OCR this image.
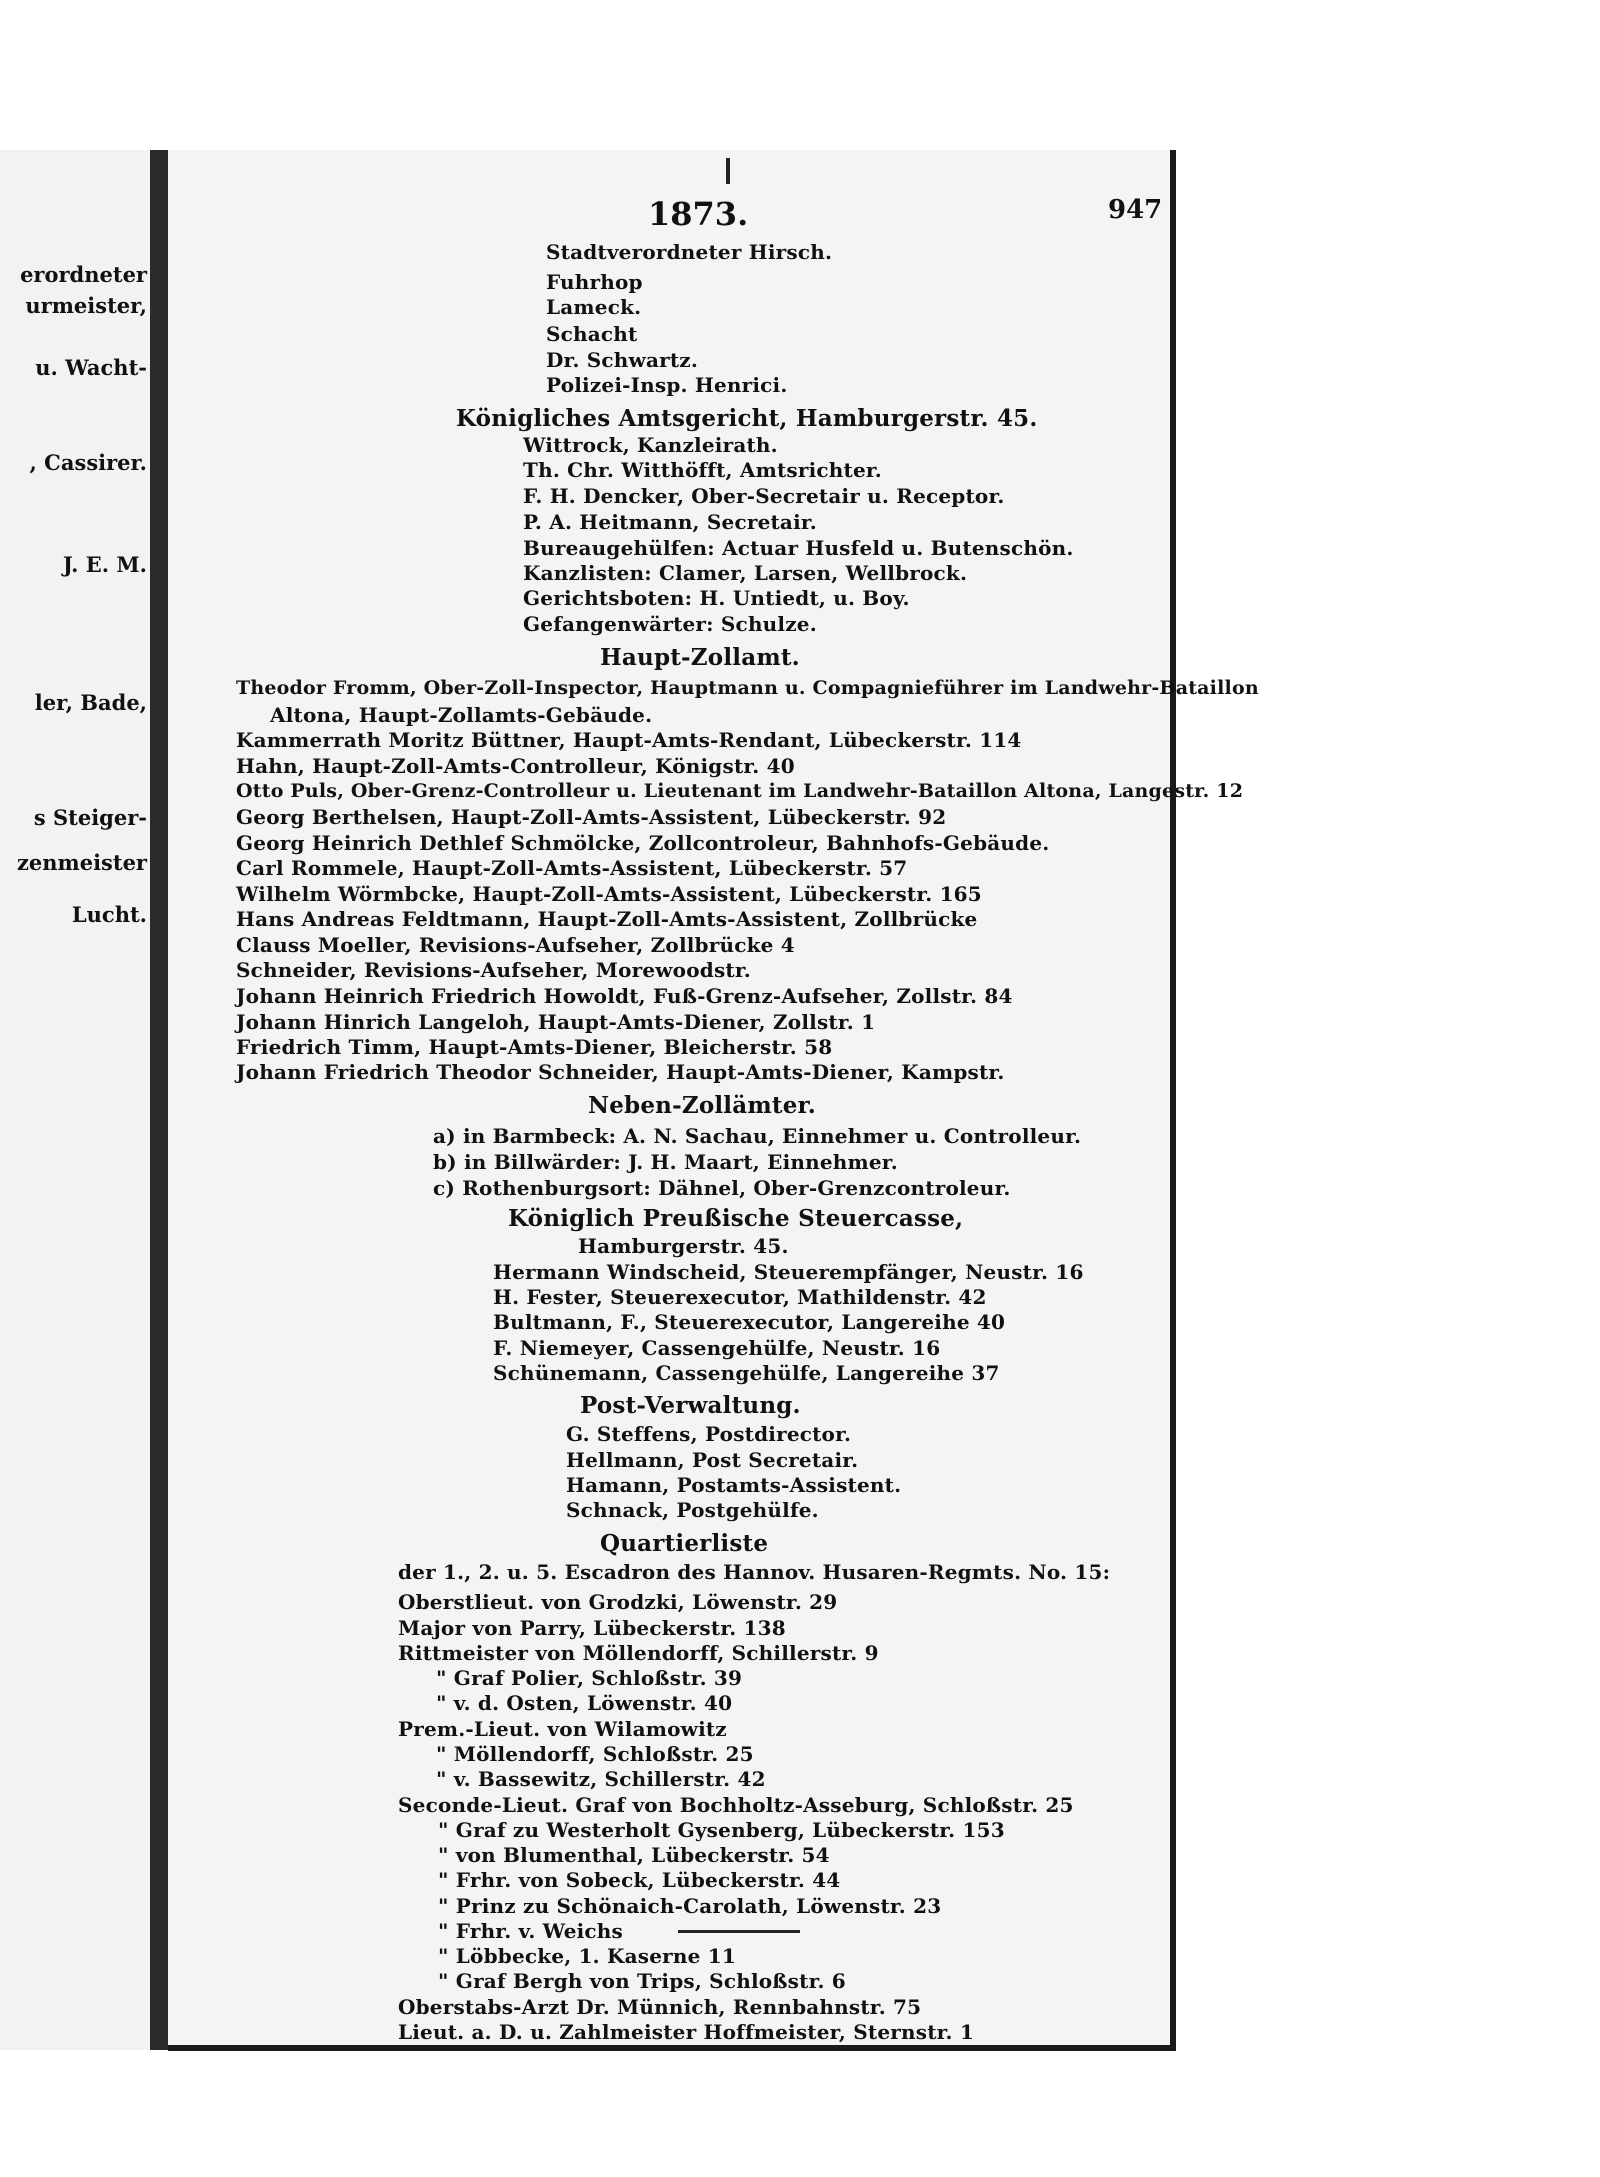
erordneter
urmeister,
u. Wacht-
, Cassirer.
J. E. M.
ler, Bade,
s Steiger-
zenmeister
Lucht.
1873.	947
Stadtverordneter Hirsch.
Fuhrhop
Lameck.
Schacht
Dr. Schwartz.
Polizei-Insp. Henrici.
Königliches Amtsgericht, Hamburgerstr. 45.
Wittrock, Kanzleirath.
Th. Chr. Witthöfft, Amtsrichter.
F. H. Dencker, Ober-Secretair u. Receptor.
P. A. Heitmann, Secretair.
Bureaugehülfen: Actuar Husfeld u. Butenschön.
Kanzlisten: Clamer, Larsen, Wellbrock.
Gerichtsboten: H. Untiedt, u. Boy.
Gefangenwärter: Schulze.
Haupt-Zollamt.
Theodor Fromm, Ober-Zoll-Inspector, Hauptmann u. Compagnieführer im Landwehr-Bataillon
Altona, Haupt-Zollamts-Gebäude.
Kammerrath Moritz Büttner, Haupt-Amts-Rendant, Lübeckerstr. 114
Hahn, Haupt-Zoll-Amts-Controlleur, Königstr. 40
Otto Puls, Ober-Grenz-Controlleur u. Lieutenant im Landwehr-Bataillon Altona, Langestr. 12
Georg Berthelsen, Haupt-Zoll-Amts-Assistent, Lübeckerstr. 92
Georg Heinrich Dethlef Schmölcke, Zollcontroleur, Bahnhofs-Gebäude.
Carl Rommele, Haupt-Zoll-Amts-Assistent, Lübeckerstr. 57
Wilhelm Wörmbcke, Haupt-Zoll-Amts-Assistent, Lübeckerstr. 165
Hans Andreas Feldtmann, Haupt-Zoll-Amts-Assistent, Zollbrücke
Clauss Moeller, Revisions-Aufseher, Zollbrücke 4
Schneider, Revisions-Aufseher, Morewoodstr.
Johann Heinrich Friedrich Howoldt, Fuß-Grenz-Aufseher, Zollstr. 84
Johann Hinrich Langeloh, Haupt-Amts-Diener, Zollstr. 1
Friedrich Timm, Haupt-Amts-Diener, Bleicherstr. 58
Johann Friedrich Theodor Schneider, Haupt-Amts-Diener, Kampstr.
Neben-Zollämter.
a) in Barmbeck: A. N. Sachau, Einnehmer u. Controlleur.
b) in Billwärder: J. H. Maart, Einnehmer.
c) Rothenburgsort: Dähnel, Ober-Grenzcontroleur.
Königlich Preußische Steuercasse,
Hamburgerstr. 45.
Hermann Windscheid, Steuerempfänger, Neustr. 16
H. Fester, Steuerexecutor, Mathildenstr. 42
Bultmann, F., Steuerexecutor, Langereihe 40
F. Niemeyer, Cassengehülfe, Neustr. 16
Schünemann, Cassengehülfe, Langereihe 37
Post-Verwaltung.
G. Steffens, Postdirector.
Hellmann, Post Secretair.
Hamann, Postamts-Assistent.
Schnack, Postgehülfe.
Quartierliste
der 1., 2. u. 5. Escadron des Hannov. Husaren-Regmts. No. 15:
Oberstlieut. von Grodzki, Löwenstr. 29
Major von Parry, Lübeckerstr. 138
Rittmeister von Möllendorff, Schillerstr. 9
" Graf Polier, Schloßstr. 39
" v. d. Osten, Löwenstr. 40
Prem.-Lieut. von Wilamowitz
" Möllendorff, Schloßstr. 25
" v. Bassewitz, Schillerstr. 42
Seconde-Lieut. Graf von Bochholtz-Asseburg, Schloßstr. 25
" Graf zu Westerholt Gysenberg, Lübeckerstr. 153
" von Blumenthal, Lübeckerstr. 54
" Frhr. von Sobeck, Lübeckerstr. 44
" Prinz zu Schönaich-Carolath, Löwenstr. 23
" Frhr. v. Weichs
" Löbbecke, 1. Kaserne 11
" Graf Bergh von Trips, Schloßstr. 6
Oberstabs-Arzt Dr. Münnich, Rennbahnstr. 75
Lieut. a. D. u. Zahlmeister Hoffmeister, Sternstr. 1
